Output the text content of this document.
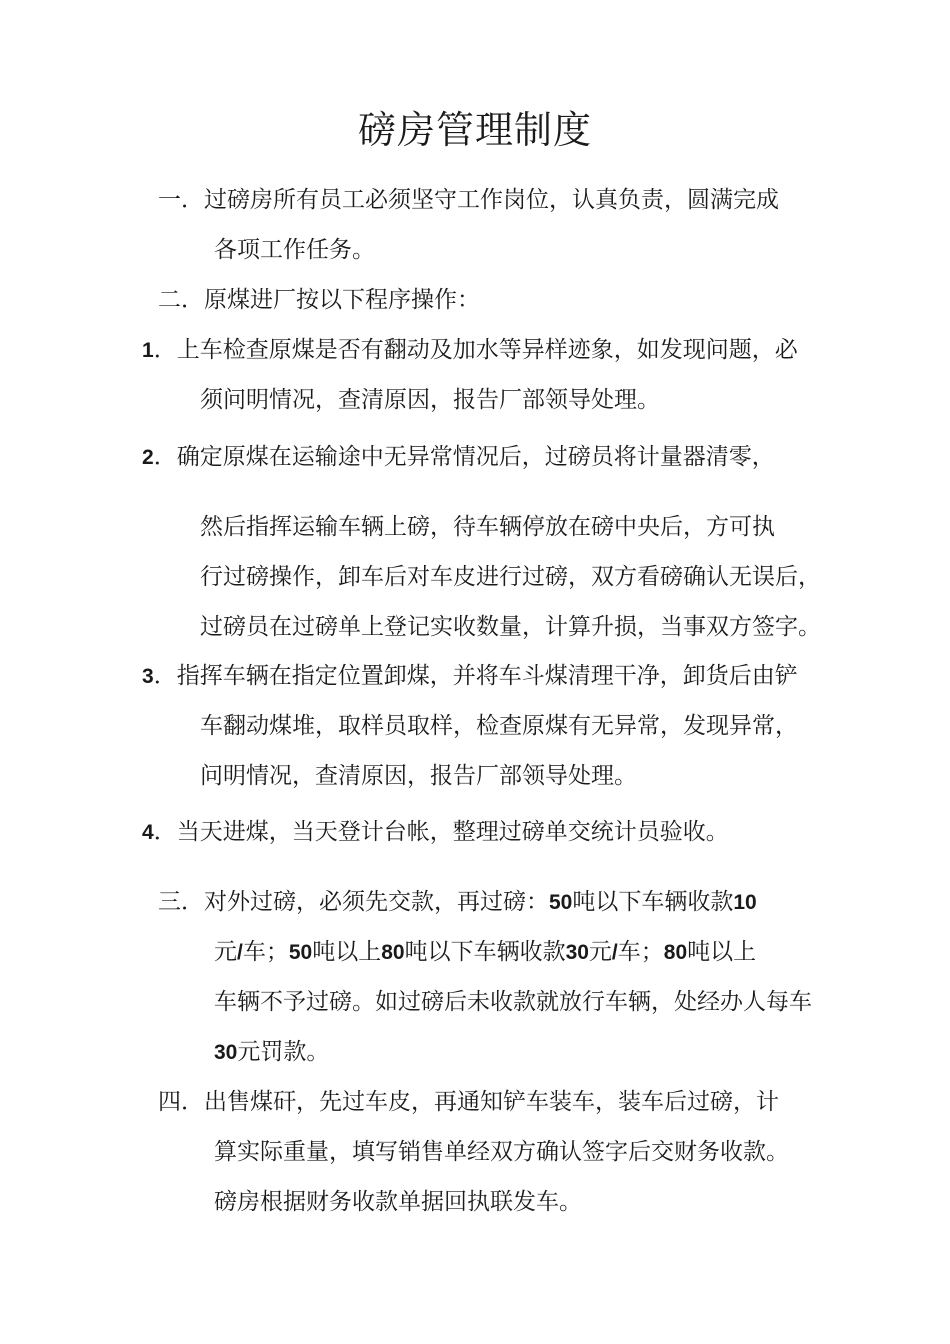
磅房管理制度
一．过磅房所有员工必须坚守工作岗位，认真负责，圆满完成
各项工作任务。
二．原煤进厂按以下程序操作：
1．上车检查原煤是否有翻动及加水等异样迹象，如发现问题，必
须问明情况，查清原因，报告厂部领导处理。
2．确定原煤在运输途中无异常情况后，过磅员将计量器清零，
然后指挥运输车辆上磅，待车辆停放在磅中央后，方可执
行过磅操作，卸车后对车皮进行过磅，双方看磅确认无误后，
过磅员在过磅单上登记实收数量，计算升损，当事双方签字。
3．指挥车辆在指定位置卸煤，并将车斗煤清理干净，卸货后由铲
车翻动煤堆，取样员取样，检查原煤有无异常，发现异常，
问明情况，查清原因，报告厂部领导处理。
4．当天进煤，当天登计台帐，整理过磅单交统计员验收。
三．对外过磅，必须先交款，再过磅：50吨以下车辆收款10
元/车；50吨以上80吨以下车辆收款30元/车；80吨以上
车辆不予过磅。如过磅后未收款就放行车辆，处经办人每车
30元罚款。
四．出售煤矸，先过车皮，再通知铲车装车，装车后过磅，计
算实际重量，填写销售单经双方确认签字后交财务收款。
磅房根据财务收款单据回执联发车。
